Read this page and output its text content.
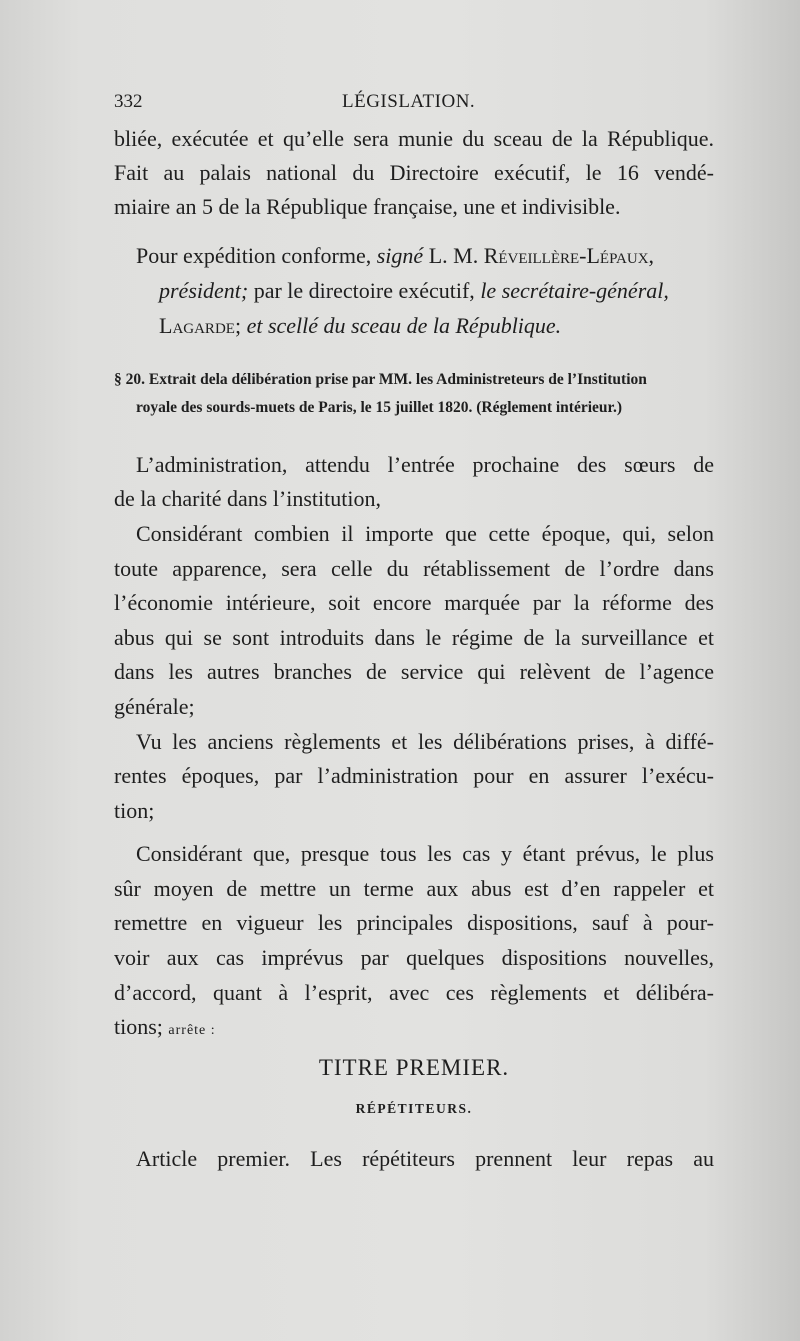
332	LÉGISLATION.
bliée, exécutée et qu’elle sera munie du sceau de la République.
Fait au palais national du Directoire exécutif, le 16 vendé-
miaire an 5 de la République française, une et indivisible.
Pour expédition conforme, signé L. M. Réveillère-Lépaux,
président; par le directoire exécutif, le secrétaire-général,
Lagarde; et scellé du sceau de la République.
§ 20. Extrait dela délibération prise par MM. les Administreteurs de l’Institution
royale des sourds-muets de Paris, le 15 juillet 1820. (Réglement intérieur.)
L’administration, attendu l’entrée prochaine des sœurs de
de la charité dans l’institution,
Considérant combien il importe que cette époque, qui, selon
toute apparence, sera celle du rétablissement de l’ordre dans
l’économie intérieure, soit encore marquée par la réforme des
abus qui se sont introduits dans le régime de la surveillance et
dans les autres branches de service qui relèvent de l’agence
générale;
Vu les anciens règlements et les délibérations prises, à diffé-
rentes époques, par l’administration pour en assurer l’exécu-
tion;
Considérant que, presque tous les cas y étant prévus, le plus
sûr moyen de mettre un terme aux abus est d’en rappeler et
remettre en vigueur les principales dispositions, sauf à pour-
voir aux cas imprévus par quelques dispositions nouvelles,
d’accord, quant à l’esprit, avec ces règlements et délibéra-
tions; arrête :
TITRE PREMIER.
RÉPÉTITEURS.
Article premier. Les répétiteurs prennent leur repas au
